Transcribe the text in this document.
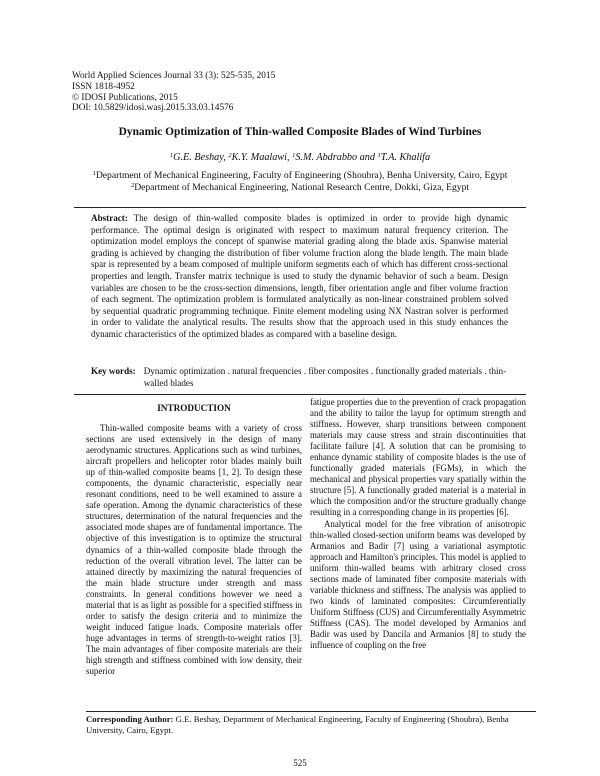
World Applied Sciences Journal 33 (3): 525-535, 2015
ISSN 1818-4952
© IDOSI Publications, 2015
DOI: 10.5829/idosi.wasj.2015.33.03.14576
Dynamic Optimization of Thin-walled Composite Blades of Wind Turbines
$^1$G.E. Beshay, $^2$K.Y. Maalawi, $^1$S.M. Abdrabbo and $^1$T.A. Khalifa
$^1$Department of Mechanical Engineering, Faculty of Engineering (Shoubra), Benha University, Cairo, Egypt
$^2$Department of Mechanical Engineering, National Research Centre, Dokki, Giza, Egypt
Abstract: The design of thin-walled composite blades is optimized in order to provide high dynamic performance. The optimal design is originated with respect to maximum natural frequency criterion. The optimization model employs the concept of spanwise material grading along the blade axis. Spanwise material grading is achieved by changing the distribution of fiber volume fraction along the blade length. The main blade spar is represented by a beam composed of multiple uniform segments each of which has different cross-sectional properties and length. Transfer matrix technique is used to study the dynamic behavior of such a beam. Design variables are chosen to be the cross-section dimensions, length, fiber orientation angle and fiber volume fraction of each segment. The optimization problem is formulated analytically as non-linear constrained problem solved by sequential quadratic programming technique. Finite element modeling using NX Nastran solver is performed in order to validate the analytical results. The results show that the approach used in this study enhances the dynamic characteristics of the optimized blades as compared with a baseline design.
Key words:	Dynamic optimization . natural frequencies . fiber composites . functionally graded materials . thin-walled blades
INTRODUCTION

Thin-walled composite beams with a variety of cross sections are used extensively in the design of many aerodynamic structures. Applications such as wind turbines, aircraft propellers and helicopter rotor blades mainly built up of thin-walled composite beams [1, 2]. To design these components, the dynamic characteristic, especially near resonant conditions, need to be well examined to assure a safe operation. Among the dynamic characteristics of these structures, determination of the natural frequencies and the associated mode shapes are of fundamental importance. The objective of this investigation is to optimize the structural dynamics of a thin-walled composite blade through the reduction of the overall vibration level. The latter can be attained directly by maximizing the natural frequencies of the main blade structure under strength and mass constraints. In general conditions however we need a material that is as light as possible for a specified stiffness in order to satisfy the design criteria and to minimize the weight induced fatigue loads. Composite materials offer huge advantages in terms of strength-to-weight ratios [3]. The main advantages of fiber composite materials are their high strength and stiffness combined with low density, their superior

fatigue properties due to the prevention of crack propagation and the ability to tailor the layup for optimum strength and stiffness. However, sharp transitions between component materials may cause stress and strain discontinuities that facilitate failure [4]. A solution that can be promising to enhance dynamic stability of composite blades is the use of functionally graded materials (FGMs), in which the mechanical and physical properties vary spatially within the structure [5]. A functionally graded material is a material in which the composition and/or the structure gradually change resulting in a corresponding change in its properties [6].

Analytical model for the free vibration of anisotropic thin-walled closed-section uniform beams was developed by Armanios and Badir [7] using a variational asymptotic approach and Hamilton's principles. This model is applied to uniform thin-walled beams with arbitrary closed cross sections made of laminated fiber composite materials with variable thickness and stiffness. The analysis was applied to two kinds of laminated composites: Circumferentially Uniform Stiffness (CUS) and Circumferentially Asymmetric Stiffness (CAS). The model developed by Armanios and Badir was used by Dancila and Armanios [8] to study the influence of coupling on the free

Corresponding Author: G.E. Beshay, Department of Mechanical Engineering, Faculty of Engineering (Shoubra), Benha University, Cairo, Egypt.
525
